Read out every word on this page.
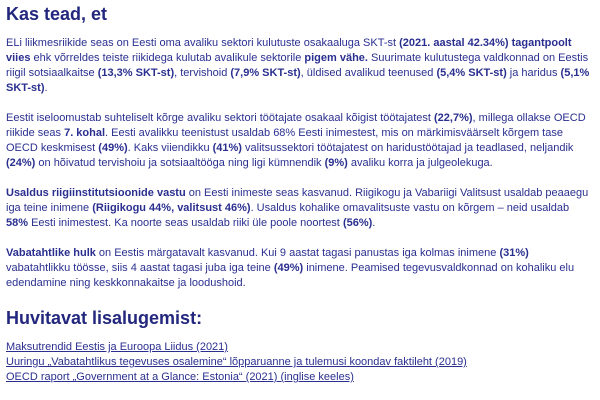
Kas tead, et

ELi liikmesriikide seas on Eesti oma avaliku sektori kulutuste osakaaluga SKT-st (2021. aastal 42.34%) tagantpoolt viies ehk võrreldes teiste riikidega kulutab avalikule sektorile pigem vähe. Suurimate kulutustega valdkonnad on Eestis riigil sotsiaalkaitse (13,3% SKT-st), tervishoid (7,9% SKT-st), üldised avalikud teenused (5,4% SKT-st) ja haridus (5,1% SKT-st).

Eestit iseloomustab suhteliselt kõrge avaliku sektori töötajate osakaal kõigist töötajatest (22,7%), millega ollakse OECD riikide seas 7. kohal. Eesti avalikku teenistust usaldab 68% Eesti inimestest, mis on märkimisväärselt kõrgem tase OECD keskmisest (49%). Kaks viiendikku (41%) valitsussektori töötajatest on haridustöötajad ja teadlased, neljandik (24%) on hõivatud tervishoiu ja sotsiaaltööga ning ligi kümnendik (9%) avaliku korra ja julgeolekuga.

Usaldus riigiinstitutsioonide vastu on Eesti inimeste seas kasvanud. Riigikogu ja Vabariigi Valitsust usaldab peaaegu iga teine inimene (Riigikogu 44%, valitsust 46%). Usaldus kohalike omavalitsuste vastu on kõrgem – neid usaldab 58% Eesti inimestest. Ka noorte seas usaldab riiki üle poole noortest (56%).

Vabatahtlike hulk on Eestis märgatavalt kasvanud. Kui 9 aastat tagasi panustas iga kolmas inimene (31%) vabatahtlikku töösse, siis 4 aastat tagasi juba iga teine (49%) inimene. Peamised tegevusvaldkonnad on kohaliku elu edendamine ning keskkonnakaitse ja loodushoid.

Huvitavat lisalugemist:
Maksutrendid Eestis ja Euroopa Liidus (2021)
Uuringu „Vabatahtlikus tegevuses osalemine“ lõpparuanne ja tulemusi koondav faktileht (2019)
OECD raport „Government at a Glance: Estonia“ (2021) (inglise keeles)
